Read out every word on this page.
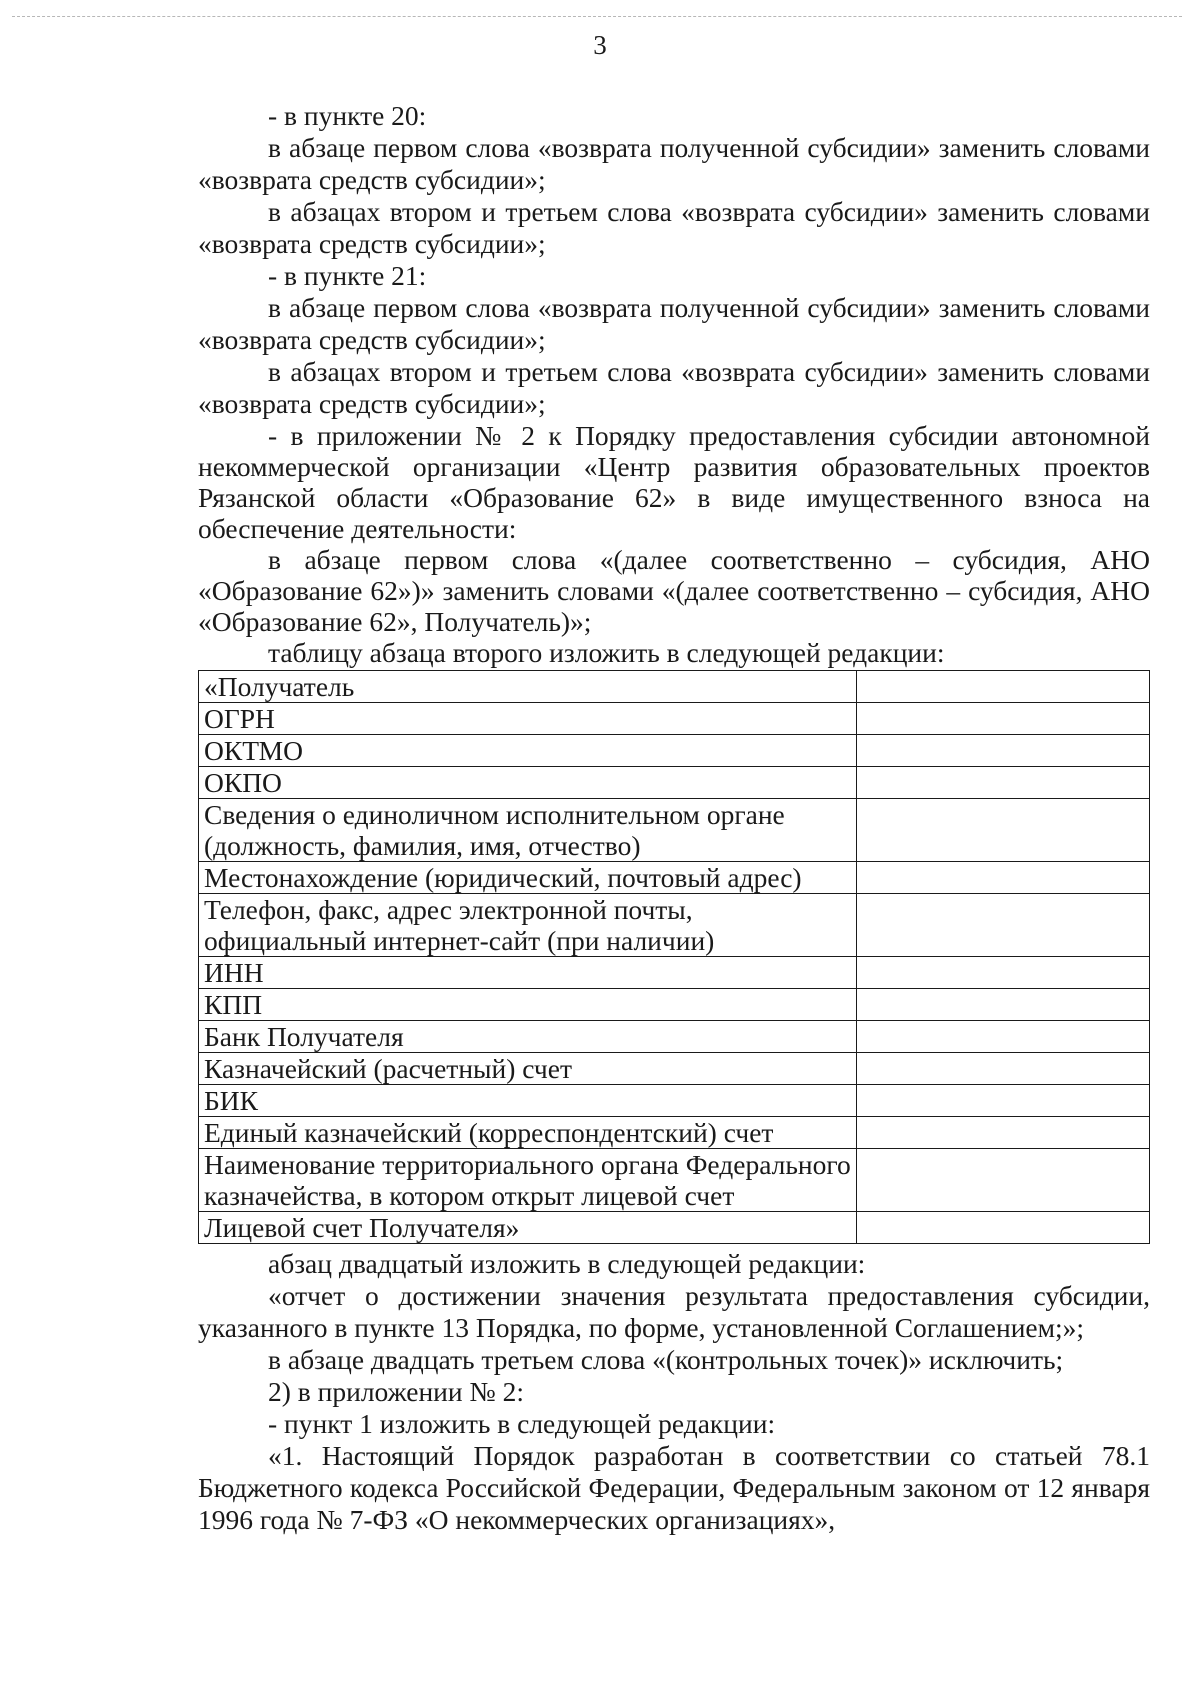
3

- в пункте 20:

в абзаце первом слова «возврата полученной субсидии» заменить словами «возврата средств субсидии»;

в абзацах втором и третьем слова «возврата субсидии» заменить словами «возврата средств субсидии»;

- в пункте 21:

в абзаце первом слова «возврата полученной субсидии» заменить словами «возврата средств субсидии»;

в абзацах втором и третьем слова «возврата субсидии» заменить словами «возврата средств субсидии»;

- в приложении № 2 к Порядку предоставления субсидии автономной некоммерческой организации «Центр развития образовательных проектов Рязанской области «Образование 62» в виде имущественного взноса на обеспечение деятельности:

в абзаце первом слова «(далее соответственно – субсидия, АНО «Образование 62»)» заменить словами «(далее соответственно – субсидия, АНО «Образование 62», Получатель)»;

таблицу абзаца второго изложить в следующей редакции:

«Получатель	
ОГРН	
ОКТМО	
ОКПО	
Сведения о единоличном исполнительном органе (должность, фамилия, имя, отчество)	
Местонахождение (юридический, почтовый адрес)	
Телефон, факс, адрес электронной почты, официальный интернет-сайт (при наличии)	
ИНН	
КПП	
Банк Получателя	
Казначейский (расчетный) счет	
БИК	
Единый казначейский (корреспондентский) счет	
Наименование территориального органа Федерального казначейства, в котором открыт лицевой счет	
Лицевой счет Получателя»	

абзац двадцатый изложить в следующей редакции:

«отчет о достижении значения результата предоставления субсидии, указанного в пункте 13 Порядка, по форме, установленной Соглашением;»;

в абзаце двадцать третьем слова «(контрольных точек)» исключить;

2) в приложении № 2:

- пункт 1 изложить в следующей редакции:

«1. Настоящий Порядок разработан в соответствии со статьей 78.1 Бюджетного кодекса Российской Федерации, Федеральным законом от 12 января 1996 года № 7-ФЗ «О некоммерческих организациях»,
